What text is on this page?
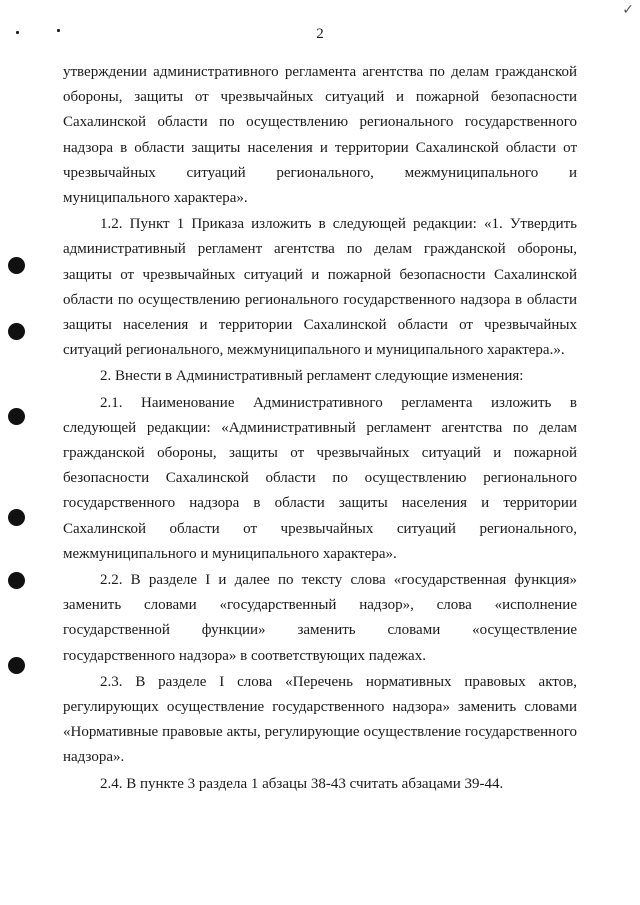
2
✓

утверждении административного регламента агентства по делам гражданской обороны, защиты от чрезвычайных ситуаций и пожарной безопасности Сахалинской области по осуществлению регионального государственного надзора в области защиты населения и территории Сахалинской области от чрезвычайных ситуаций регионального, межмуниципального и муниципального характера».

1.2. Пункт 1 Приказа изложить в следующей редакции: «1. Утвердить административный регламент агентства по делам гражданской обороны, защиты от чрезвычайных ситуаций и пожарной безопасности Сахалинской области по осуществлению регионального государственного надзора в области защиты населения и территории Сахалинской области от чрезвычайных ситуаций регионального, межмуниципального и муниципального характера.».

2. Внести в Административный регламент следующие изменения:

2.1. Наименование Административного регламента изложить в следующей редакции: «Административный регламент агентства по делам гражданской обороны, защиты от чрезвычайных ситуаций и пожарной безопасности Сахалинской области по осуществлению регионального государственного надзора в области защиты населения и территории Сахалинской области от чрезвычайных ситуаций регионального, межмуниципального и муниципального характера».

2.2. В разделе I и далее по тексту слова «государственная функция» заменить словами «государственный надзор», слова «исполнение государственной функции» заменить словами «осуществление государственного надзора» в соответствующих падежах.

2.3. В разделе I слова «Перечень нормативных правовых актов, регулирующих осуществление государственного надзора» заменить словами «Нормативные правовые акты, регулирующие осуществление государственного надзора».

2.4. В пункте 3 раздела 1 абзацы 38-43 считать абзацами 39-44.
